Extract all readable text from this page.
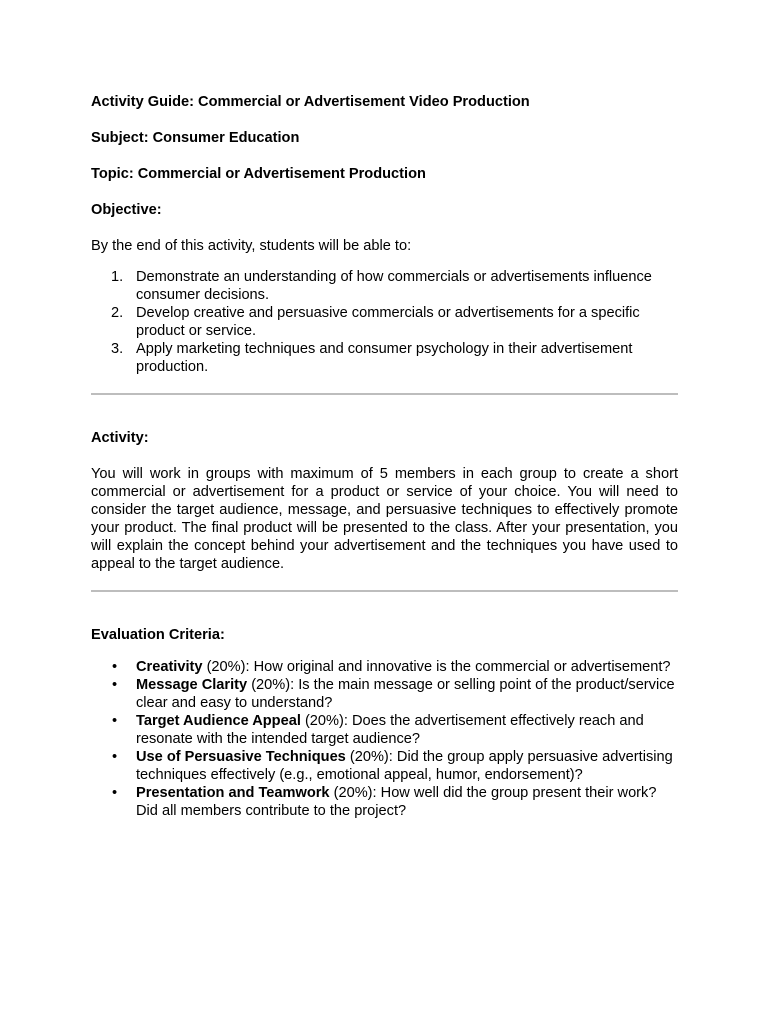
Activity Guide: Commercial or Advertisement Video Production
Subject: Consumer Education
Topic: Commercial or Advertisement Production
Objective:
By the end of this activity, students will be able to:
1. Demonstrate an understanding of how commercials or advertisements influence consumer decisions.
2. Develop creative and persuasive commercials or advertisements for a specific product or service.
3. Apply marketing techniques and consumer psychology in their advertisement production.
Activity:
You will work in groups with maximum of 5 members in each group to create a short commercial or advertisement for a product or service of your choice. You will need to consider the target audience, message, and persuasive techniques to effectively promote your product. The final product will be presented to the class. After your presentation, you will explain the concept behind your advertisement and the techniques you have used to appeal to the target audience.
Evaluation Criteria:
• Creativity (20%): How original and innovative is the commercial or advertisement?
• Message Clarity (20%): Is the main message or selling point of the product/service clear and easy to understand?
• Target Audience Appeal (20%): Does the advertisement effectively reach and resonate with the intended target audience?
• Use of Persuasive Techniques (20%): Did the group apply persuasive advertising techniques effectively (e.g., emotional appeal, humor, endorsement)?
• Presentation and Teamwork (20%): How well did the group present their work? Did all members contribute to the project?
